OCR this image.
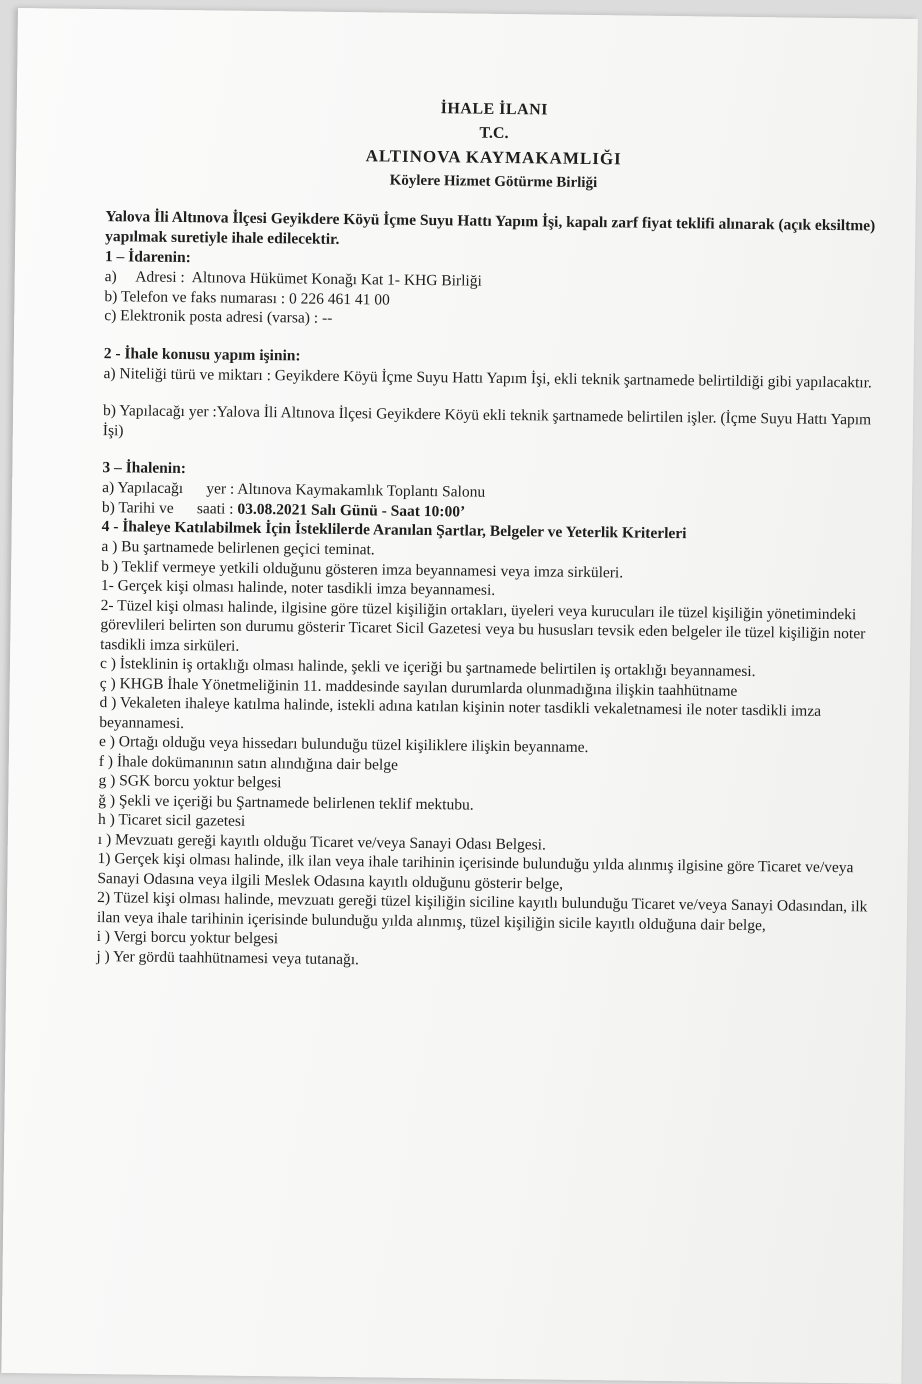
İHALE İLANI
T.C.
ALTINOVA KAYMAKAMLIĞI
Köylere Hizmet Götürme Birliği
Yalova İli Altınova İlçesi Geyikdere Köyü İçme Suyu Hattı Yapım İşi, kapalı zarf fiyat teklifi alınarak (açık eksiltme) yapılmak suretiyle ihale edilecektir.
1 – İdarenin:
a)     Adresi :  Altınova Hükümet Konağı Kat 1- KHG Birliği
b) Telefon ve faks numarası : 0 226 461 41 00
c) Elektronik posta adresi (varsa) : --
2 - İhale konusu yapım işinin:
a) Niteliği türü ve miktarı : Geyikdere Köyü İçme Suyu Hattı Yapım İşi, ekli teknik şartnamede belirtildiği gibi yapılacaktır.
b) Yapılacağı yer :Yalova İli Altınova İlçesi Geyikdere Köyü ekli teknik şartnamede belirtilen işler. (İçme Suyu Hattı Yapım İşi)
3 – İhalenin:
a) Yapılacağı      yer : Altınova Kaymakamlık Toplantı Salonu
b) Tarihi ve      saati : 03.08.2021 Salı Günü - Saat 10:00’
4 - İhaleye Katılabilmek İçin İsteklilerde Aranılan Şartlar, Belgeler ve Yeterlik Kriterleri
a ) Bu şartnamede belirlenen geçici teminat.
b ) Teklif vermeye yetkili olduğunu gösteren imza beyannamesi veya imza sirküleri.
1- Gerçek kişi olması halinde, noter tasdikli imza beyannamesi.
2- Tüzel kişi olması halinde, ilgisine göre tüzel kişiliğin ortakları, üyeleri veya kurucuları ile tüzel kişiliğin yönetimindeki görevlileri belirten son durumu gösterir Ticaret Sicil Gazetesi veya bu hususları tevsik eden belgeler ile tüzel kişiliğin noter tasdikli imza sirküleri.
c ) İsteklinin iş ortaklığı olması halinde, şekli ve içeriği bu şartnamede belirtilen iş ortaklığı beyannamesi.
ç ) KHGB İhale Yönetmeliğinin 11. maddesinde sayılan durumlarda olunmadığına ilişkin taahhütname
d ) Vekaleten ihaleye katılma halinde, istekli adına katılan kişinin noter tasdikli vekaletnamesi ile noter tasdikli imza beyannamesi.
e ) Ortağı olduğu veya hissedarı bulunduğu tüzel kişiliklere ilişkin beyanname.
f ) İhale dokümanının satın alındığına dair belge
g ) SGK borcu yoktur belgesi
ğ ) Şekli ve içeriği bu Şartnamede belirlenen teklif mektubu.
h ) Ticaret sicil gazetesi
ı ) Mevzuatı gereği kayıtlı olduğu Ticaret ve/veya Sanayi Odası Belgesi.
1) Gerçek kişi olması halinde, ilk ilan veya ihale tarihinin içerisinde bulunduğu yılda alınmış ilgisine göre Ticaret ve/veya Sanayi Odasına veya ilgili Meslek Odasına kayıtlı olduğunu gösterir belge,
2) Tüzel kişi olması halinde, mevzuatı gereği tüzel kişiliğin siciline kayıtlı bulunduğu Ticaret ve/veya Sanayi Odasından, ilk ilan veya ihale tarihinin içerisinde bulunduğu yılda alınmış, tüzel kişiliğin sicile kayıtlı olduğuna dair belge,
i ) Vergi borcu yoktur belgesi
j ) Yer gördü taahhütnamesi veya tutanağı.
